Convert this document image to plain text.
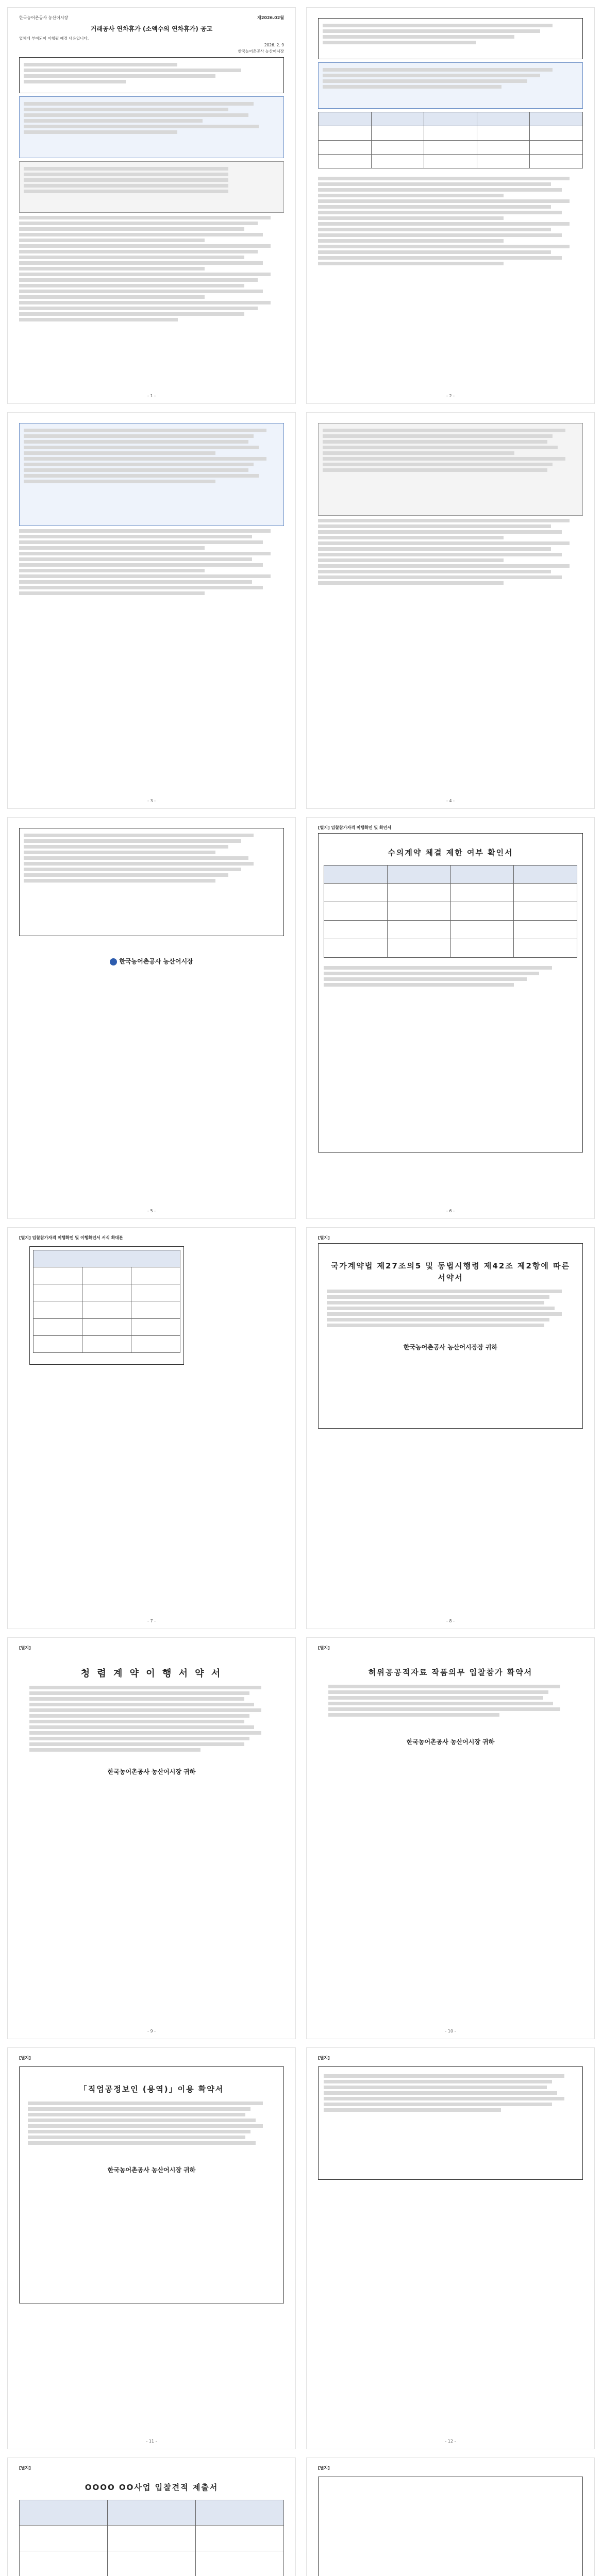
한국농어촌공사 농산어시장	재2026.02월
거래공사 연차휴가 (소액수의 연차휴가) 공고
업체에 부여되어 이행될 예정 내용입니다.
2026. 2. 9
한국농어촌공사 농산어시장
- 1 -

					- 2 -
- 3 -	- 4 -
한국농어촌공사 농산어시장
- 5 -
[별지] 입찰참가자격 이행확인 및 확인서
수의계약 체결 제한 여부 확인서

- 6 -
[별지] 입찰참가자격 이행확인 및 이행확인서 서식 확대본

- 7 -
[별지]
국가계약법 제27조의5 및 동법시행령 제42조 제2항에 따른 서약서
한국농어촌공사 농산어시장장 귀하
- 8 -
[별지]
청 렴 계 약 이 행 서 약 서
한국농어촌공사 농산어시장 귀하
- 9 -
[별지]
허위공공적자료 작품의무 입찰참가 확약서
한국농어촌공사 농산어시장 귀하
- 10 -
[별지]
「직업공정보인 (용역)」이용 확약서
한국농어촌공사 농산어시장 귀하
- 11 -
[별지]
- 12 -
[별지]
OOOO OO사업 입찰견적 제출서

[별지]
